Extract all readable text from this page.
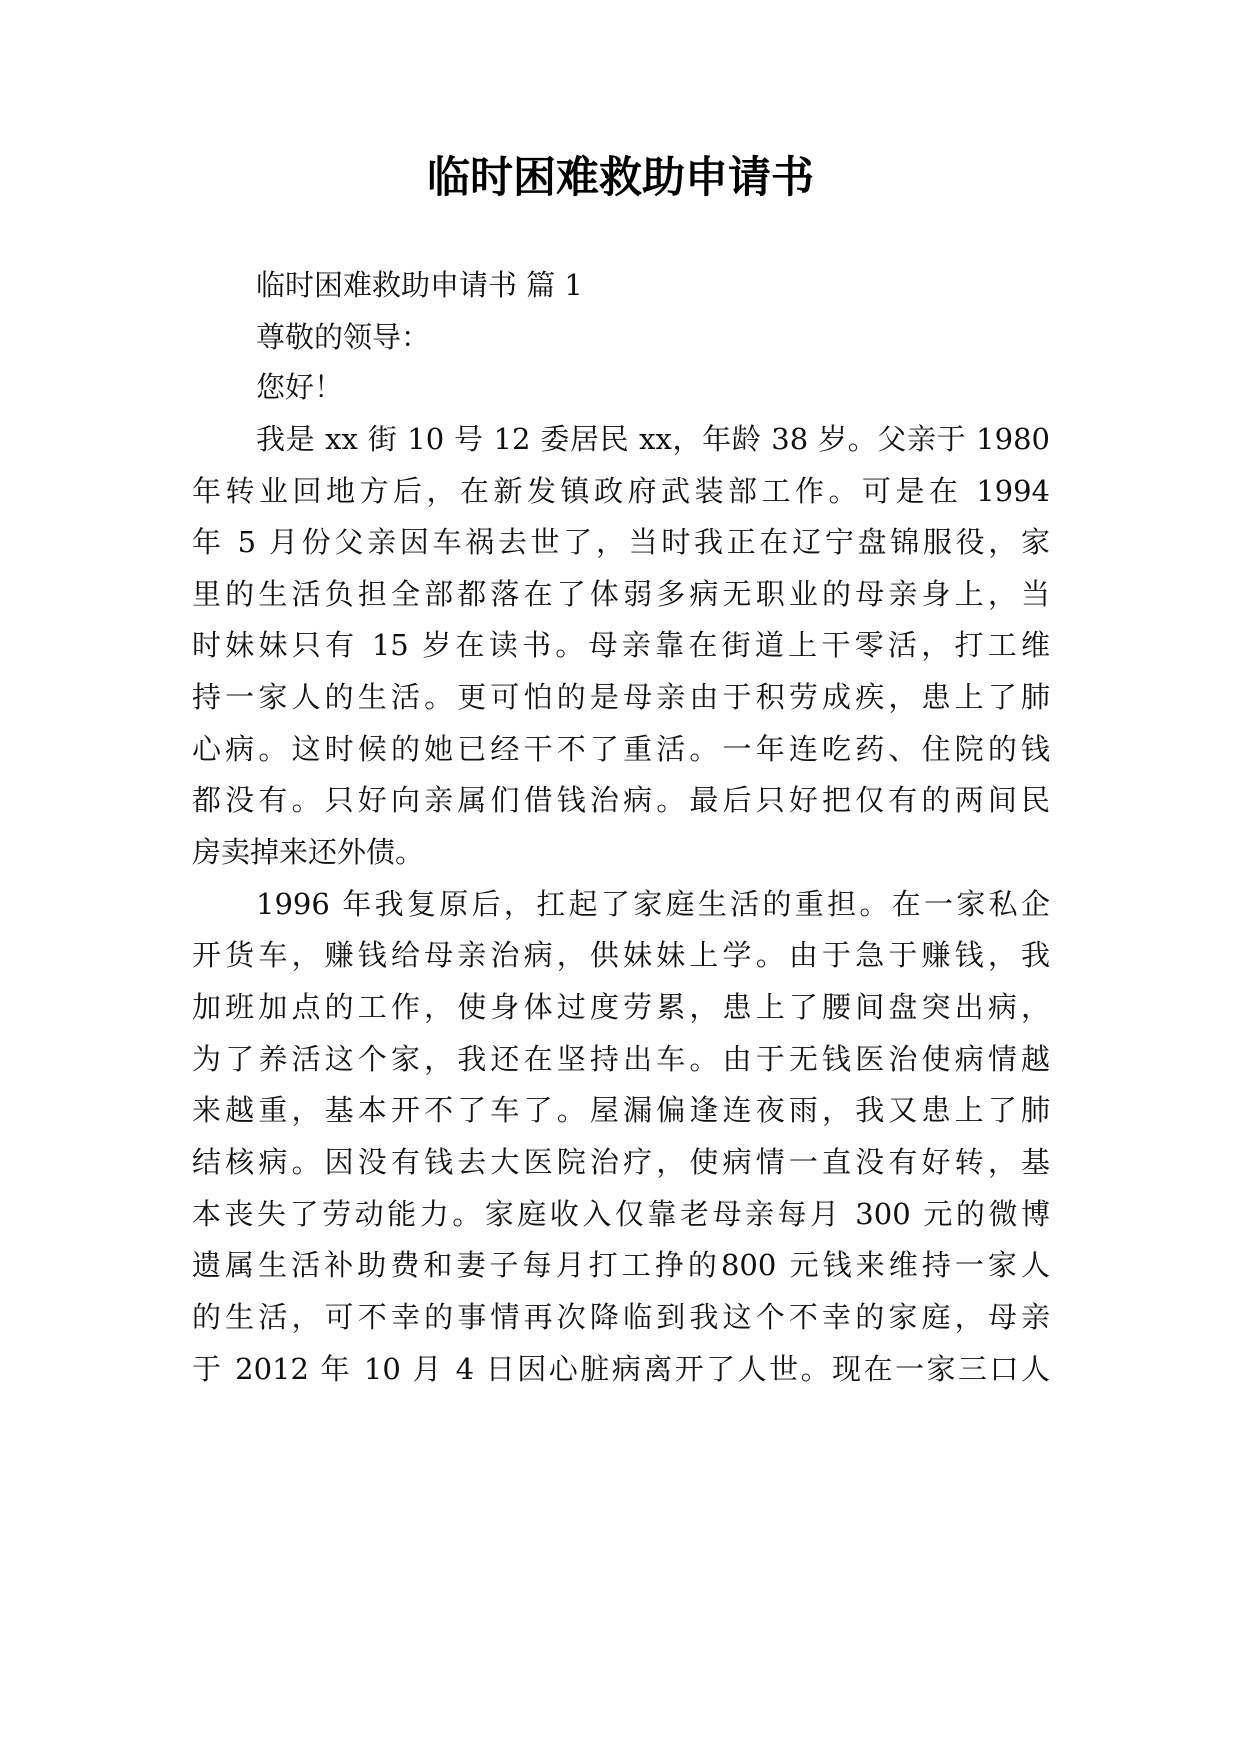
临时困难救助申请书
临时困难救助申请书 篇 1
尊敬的领导：
您好！
我是 xx 街 10 号 12 委居民 xx，年龄 38 岁。父亲于 1980
年转业回地方后，在新发镇政府武装部工作。可是在 1994
年 5 月份父亲因车祸去世了，当时我正在辽宁盘锦服役，家
里的生活负担全部都落在了体弱多病无职业的母亲身上，当
时妹妹只有 15 岁在读书。母亲靠在街道上干零活，打工维
持一家人的生活。更可怕的是母亲由于积劳成疾，患上了肺
心病。这时候的她已经干不了重活。一年连吃药、住院的钱
都没有。只好向亲属们借钱治病。最后只好把仅有的两间民
房卖掉来还外债。
1996 年我复原后，扛起了家庭生活的重担。在一家私企
开货车，赚钱给母亲治病，供妹妹上学。由于急于赚钱，我
加班加点的工作，使身体过度劳累，患上了腰间盘突出病，
为了养活这个家，我还在坚持出车。由于无钱医治使病情越
来越重，基本开不了车了。屋漏偏逢连夜雨，我又患上了肺
结核病。因没有钱去大医院治疗，使病情一直没有好转，基
本丧失了劳动能力。家庭收入仅靠老母亲每月 300 元的微博
遗属生活补助费和妻子每月打工挣的800 元钱来维持一家人
的生活，可不幸的事情再次降临到我这个不幸的家庭，母亲
于 2012 年 10 月 4 日因心脏病离开了人世。现在一家三口人
